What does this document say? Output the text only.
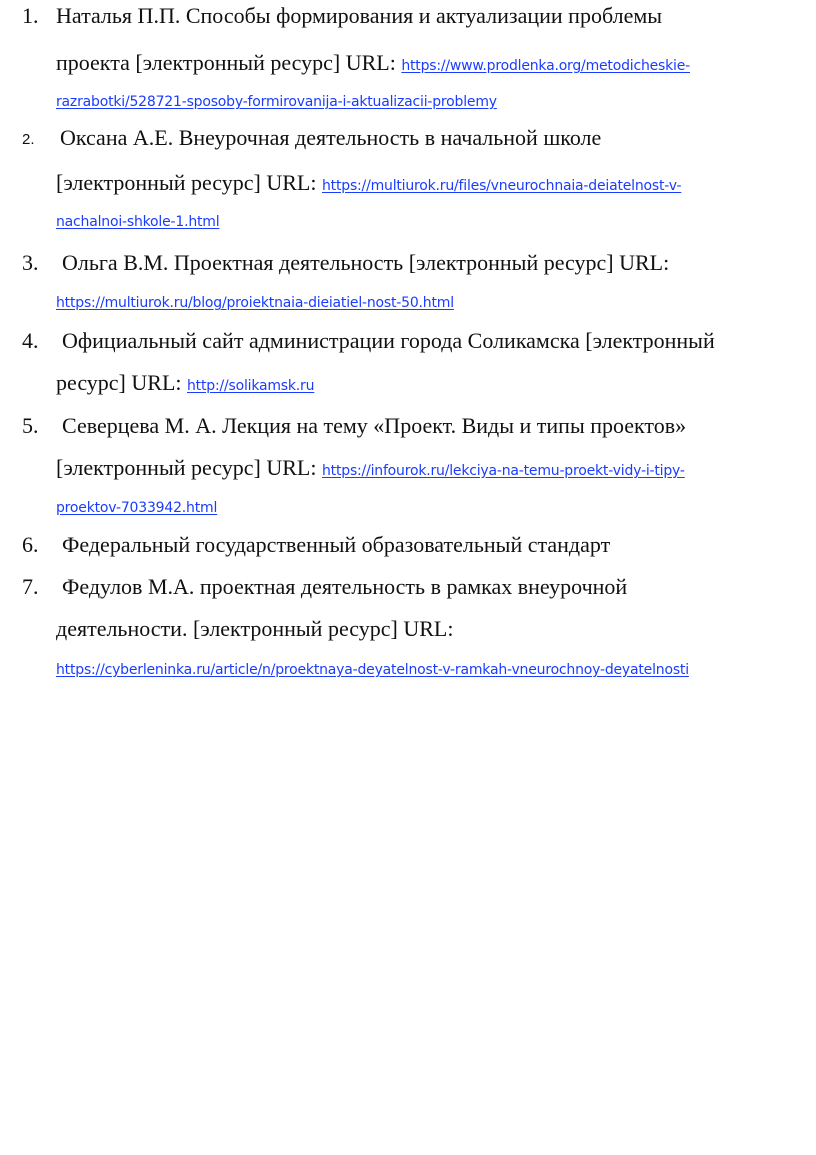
1. Наталья П.П. Способы формирования и актуализации проблемы
проекта [электронный ресурс] URL: https://www.prodlenka.org/metodicheskie-
razrabotki/528721-sposoby-formirovanija-i-aktualizacii-problemy
2. Оксана А.Е. Внеурочная деятельность в начальной школе
[электронный ресурс] URL: https://multiurok.ru/files/vneurochnaia-deiatelnost-v-
nachalnoi-shkole-1.html
3. Ольга В.М. Проектная деятельность [электронный ресурс] URL:
https://multiurok.ru/blog/proiektnaia-dieiatiel-nost-50.html
4. Официальный сайт администрации города Соликамска [электронный
ресурс] URL: http://solikamsk.ru
5. Северцева М. А. Лекция на тему «Проект. Виды и типы проектов»
[электронный ресурс] URL: https://infourok.ru/lekciya-na-temu-proekt-vidy-i-tipy-
proektov-7033942.html
6. Федеральный государственный образовательный стандарт
7. Федулов М.А. проектная деятельность в рамках внеурочной
деятельности. [электронный ресурс] URL:
https://cyberleninka.ru/article/n/proektnaya-deyatelnost-v-ramkah-vneurochnoy-deyatelnosti
